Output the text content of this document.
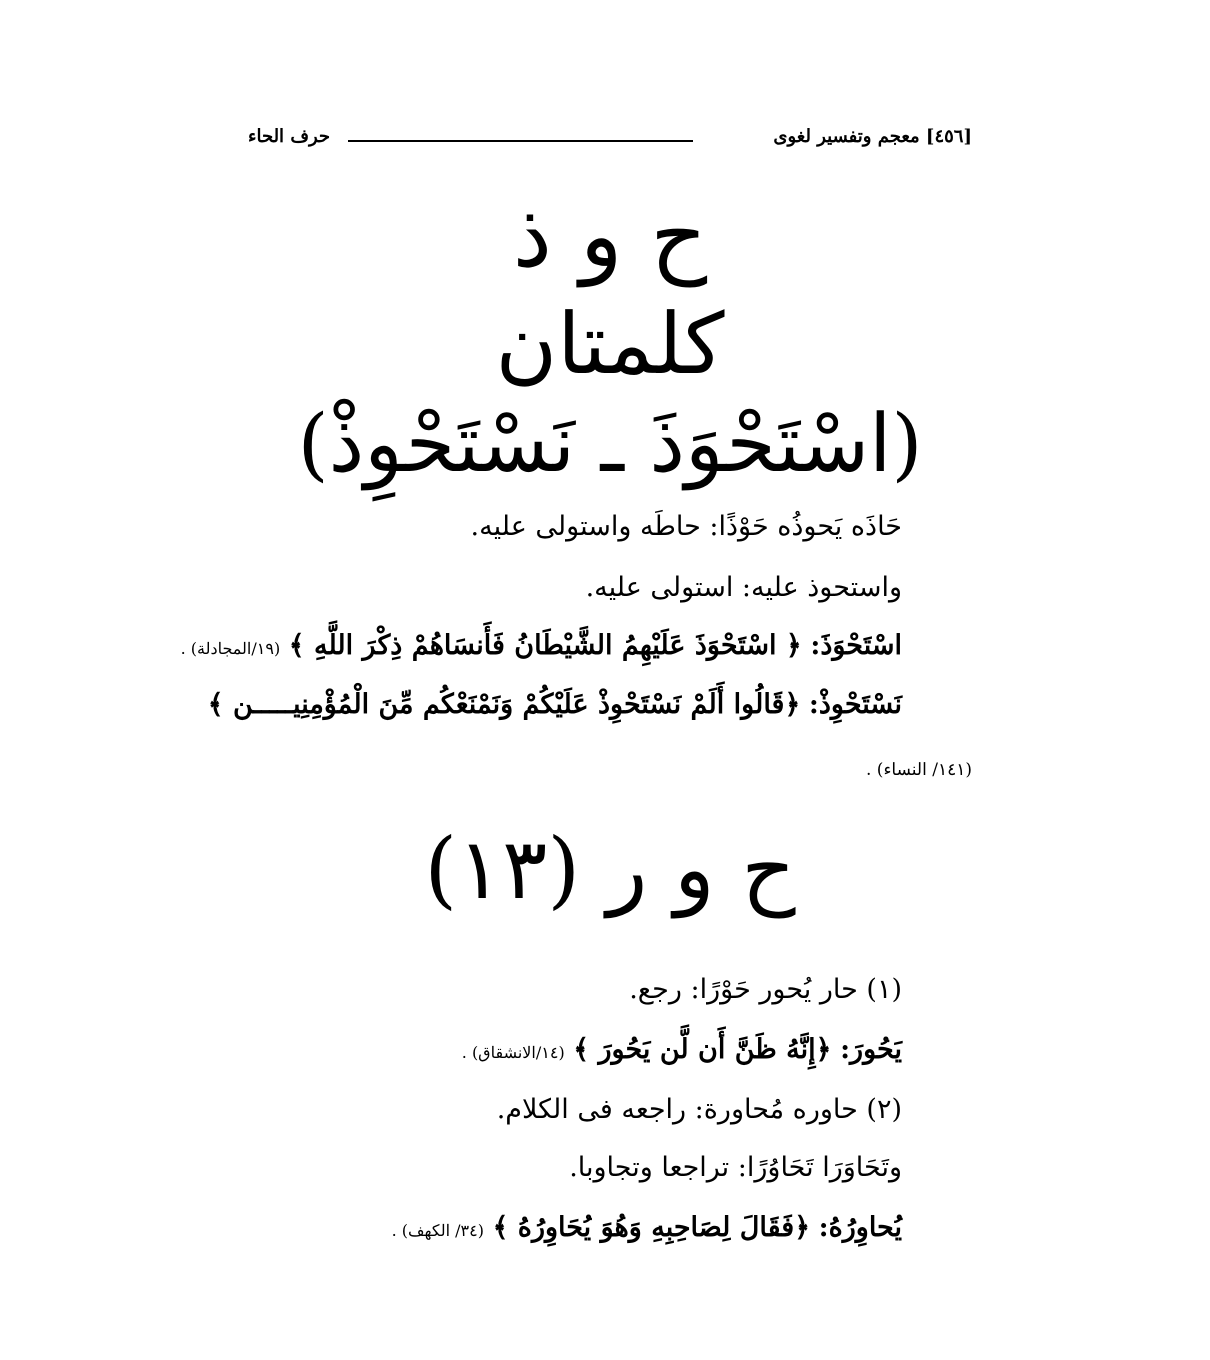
[٤٥٦] معجم وتفسير لغوى
حرف الحاء
ح و ذ
كلمتان
(اسْتَحْوَذَ ـ نَسْتَحْوِذْ)
حَاذَه يَحوذُه حَوْذًا: حاطَه واستولى عليه.
واستحوذ عليه: استولى عليه.
اسْتَحْوَذَ: ﴿ اسْتَحْوَذَ عَلَيْهِمُ الشَّيْطَانُ فَأَنسَاهُمْ ذِكْرَ اللَّهِ ﴾ (١٩/المجادلة) .
نَسْتَحْوِذْ: ﴿قَالُوا أَلَمْ نَسْتَحْوِذْ عَلَيْكُمْ وَنَمْنَعْكُم مِّنَ الْمُؤْمِنِيـــــن ﴾
(١٤١/ النساء) .
ح و ر (١٣)
(١) حار يُحور حَوْرًا: رجع.
يَحُورَ: ﴿إِنَّهُ ظَنَّ أَن لَّن يَحُورَ ﴾ (١٤/الانشقاق) .
(٢) حاوره مُحاورة: راجعه فى الكلام.
وتَحَاوَرَا تَحَاوُرًا: تراجعا وتجاوبا.
يُحاوِرُهُ: ﴿فَقَالَ لِصَاحِبِهِ وَهُوَ يُحَاوِرُهُ ﴾ (٣٤/ الكهف) .
